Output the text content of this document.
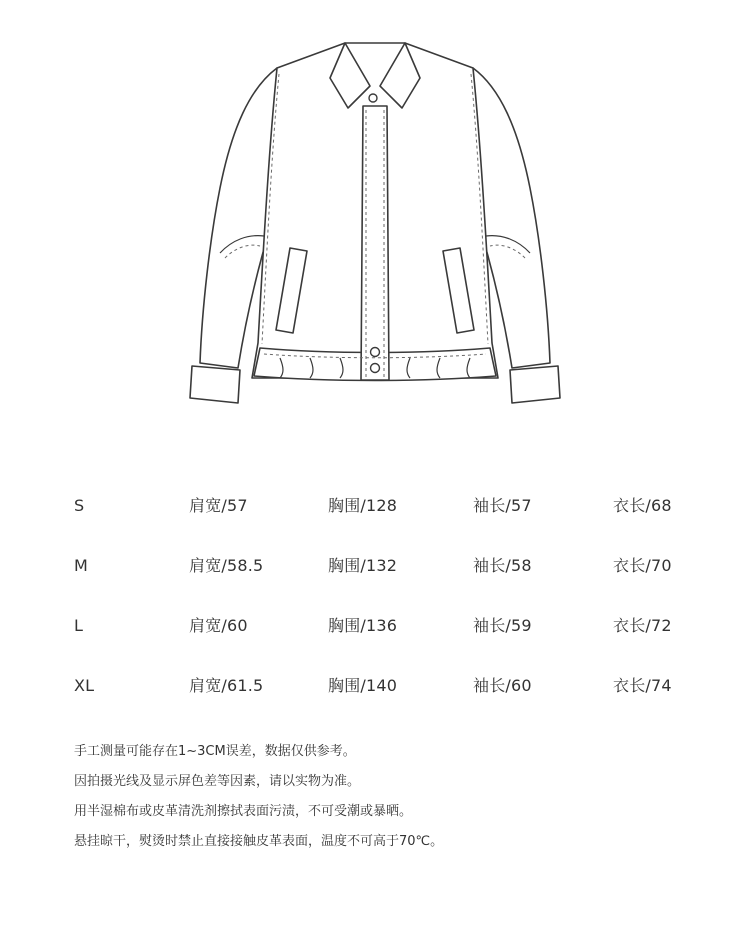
S	肩宽/57	胸围/128	袖长/57	衣长/68
M	肩宽/58.5	胸围/132	袖长/58	衣长/70
L	肩宽/60	胸围/136	袖长/59	衣长/72
XL	肩宽/61.5	胸围/140	袖长/60	衣长/74
手工测量可能存在1~3CM误差，数据仅供参考。
因拍摄光线及显示屏色差等因素，请以实物为准。
用半湿棉布或皮革清洗剂擦拭表面污渍，不可受潮或暴晒。
悬挂晾干，熨烫时禁止直接接触皮革表面，温度不可高于70℃。
